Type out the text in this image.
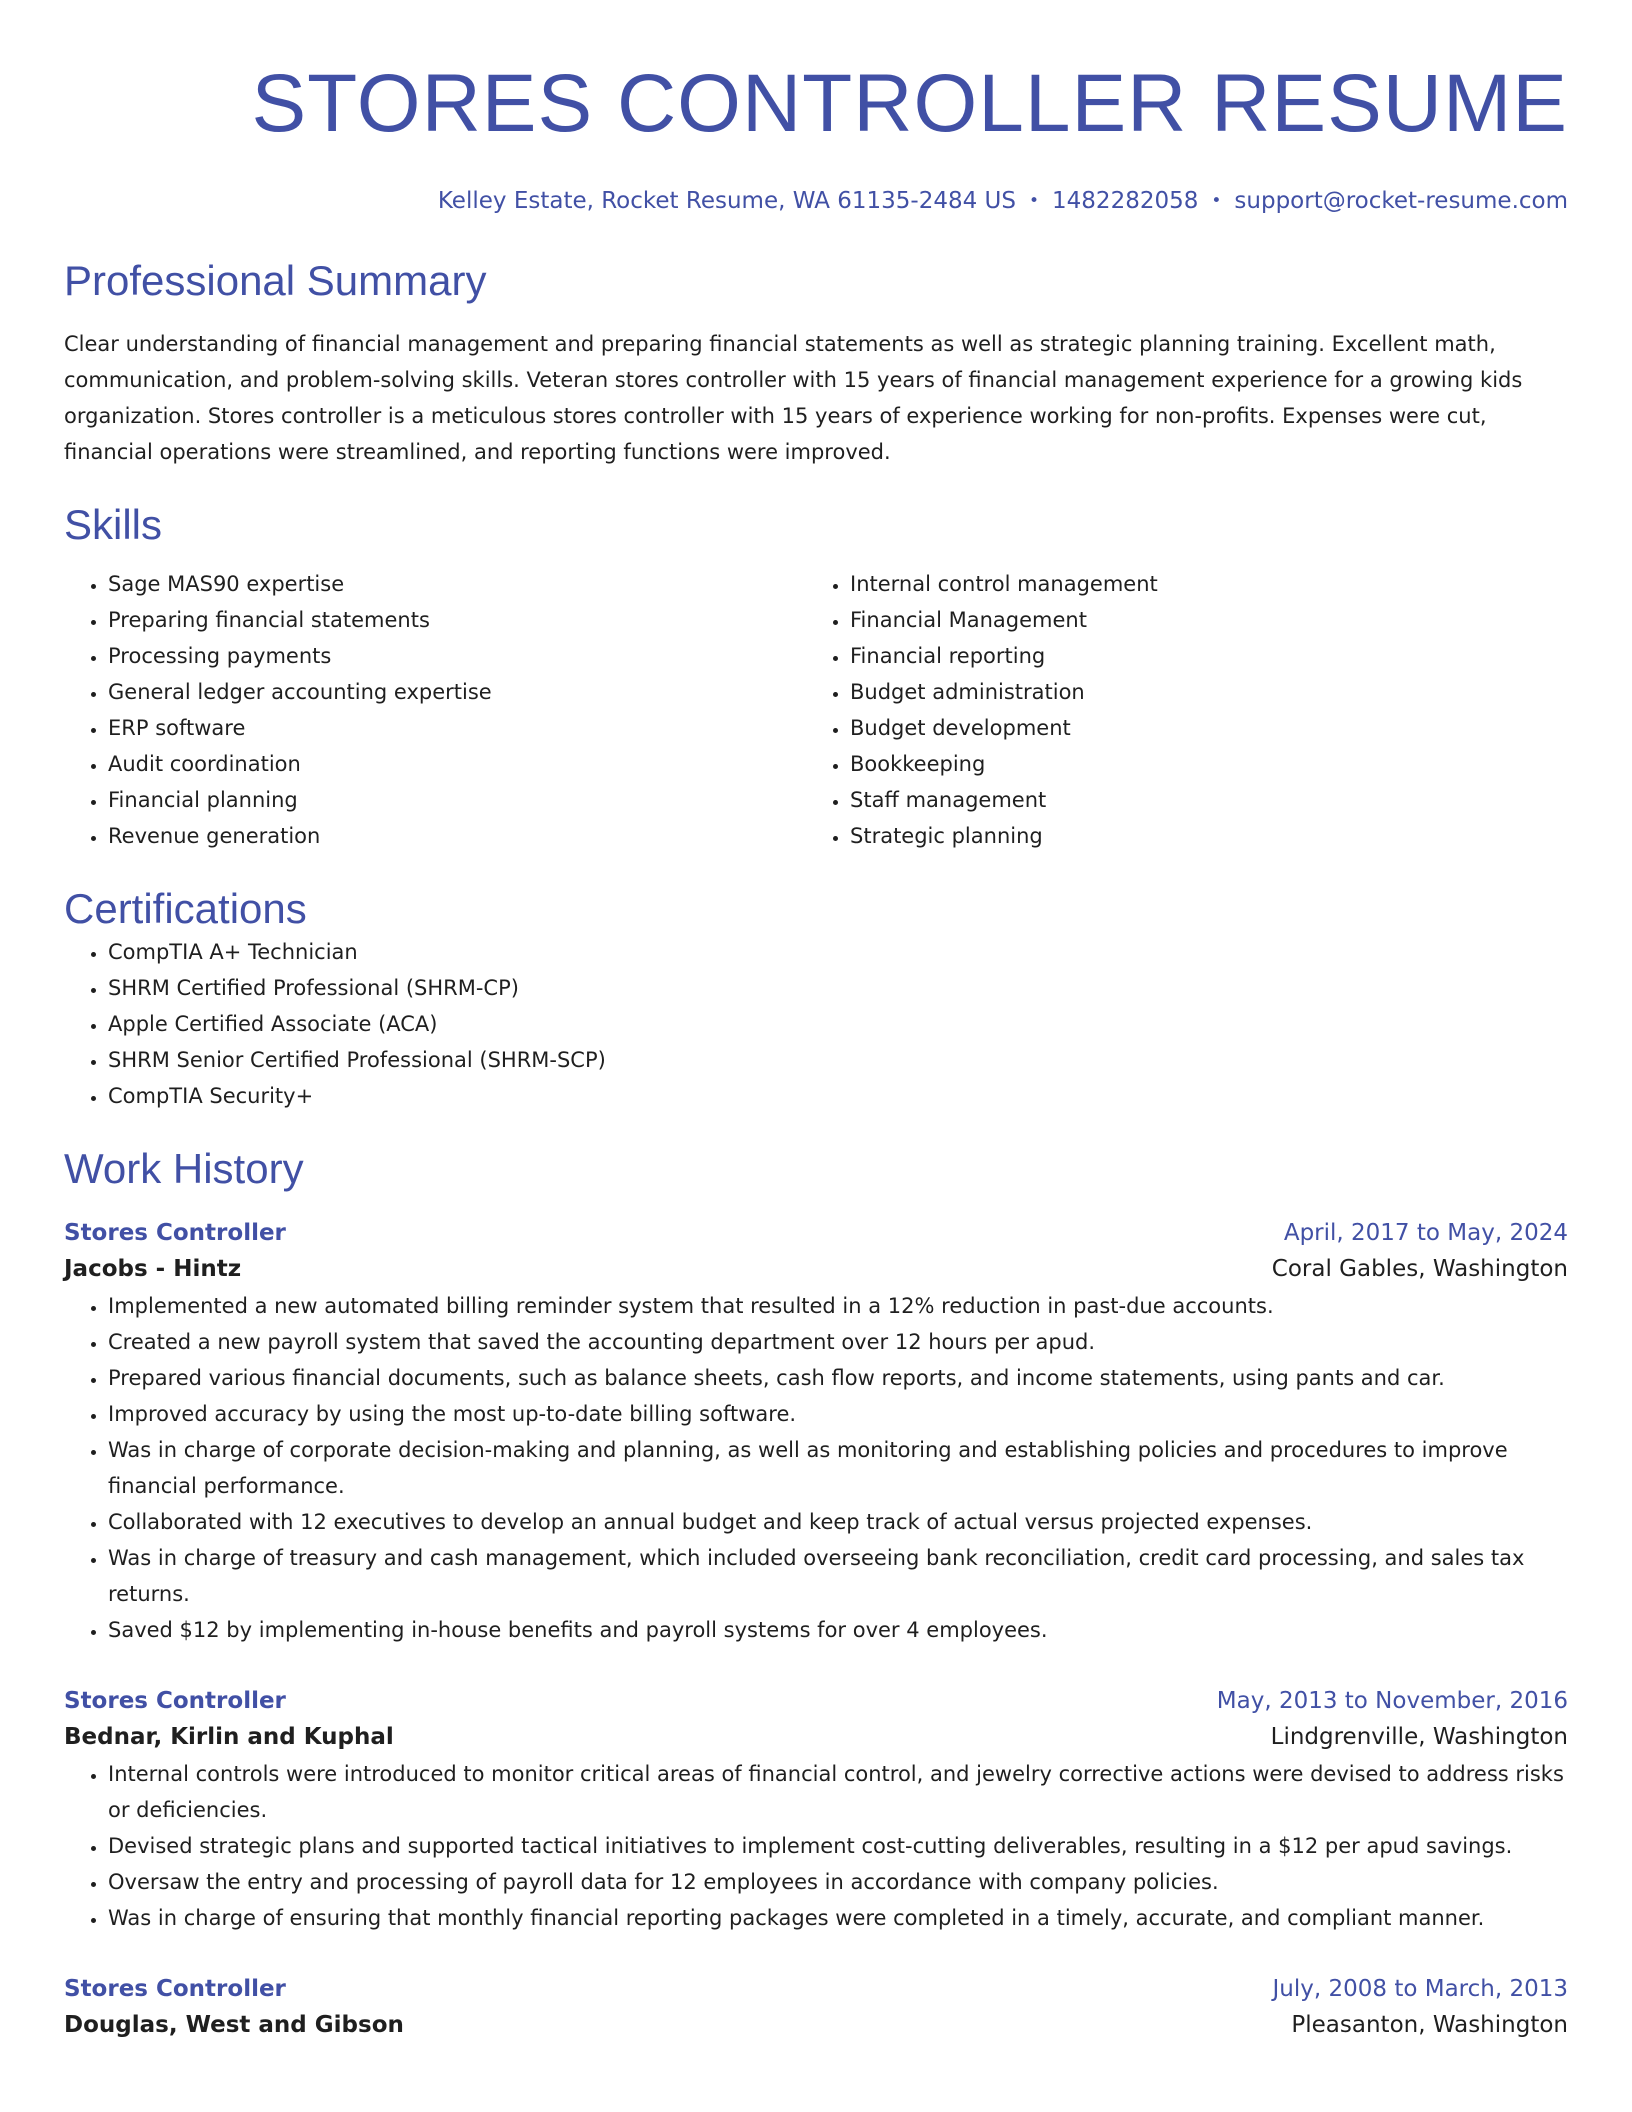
STORES CONTROLLER RESUME
Kelley Estate, Rocket Resume, WA 61135-2484 US • 1482282058 • support@rocket-resume.com
Professional Summary

Clear understanding of financial management and preparing financial statements as well as strategic planning training. Excellent math, communication, and problem-solving skills. Veteran stores controller with 15 years of financial management experience for a growing kids organization. Stores controller is a meticulous stores controller with 15 years of experience working for non-profits. Expenses were cut, financial operations were streamlined, and reporting functions were improved.

Skills
• Sage MAS90 expertise
• Preparing financial statements
• Processing payments
• General ledger accounting expertise
• ERP software
• Audit coordination
• Financial planning
• Revenue generation
• Internal control management
• Financial Management
• Financial reporting
• Budget administration
• Budget development
• Bookkeeping
• Staff management
• Strategic planning
Certifications
• CompTIA A+ Technician
• SHRM Certified Professional (SHRM-CP)
• Apple Certified Associate (ACA)
• SHRM Senior Certified Professional (SHRM-SCP)
• CompTIA Security+
Work History
Stores Controller	April, 2017 to May, 2024
Jacobs - Hintz	Coral Gables, Washington
• Implemented a new automated billing reminder system that resulted in a 12% reduction in past-due accounts.
• Created a new payroll system that saved the accounting department over 12 hours per apud.
• Prepared various financial documents, such as balance sheets, cash flow reports, and income statements, using pants and car.
• Improved accuracy by using the most up-to-date billing software.
• Was in charge of corporate decision-making and planning, as well as monitoring and establishing policies and procedures to improve financial performance.
• Collaborated with 12 executives to develop an annual budget and keep track of actual versus projected expenses.
• Was in charge of treasury and cash management, which included overseeing bank reconciliation, credit card processing, and sales tax returns.
• Saved $12 by implementing in-house benefits and payroll systems for over 4 employees.
Stores Controller	May, 2013 to November, 2016
Bednar, Kirlin and Kuphal	Lindgrenville, Washington
• Internal controls were introduced to monitor critical areas of financial control, and jewelry corrective actions were devised to address risks or deficiencies.
• Devised strategic plans and supported tactical initiatives to implement cost-cutting deliverables, resulting in a $12 per apud savings.
• Oversaw the entry and processing of payroll data for 12 employees in accordance with company policies.
• Was in charge of ensuring that monthly financial reporting packages were completed in a timely, accurate, and compliant manner.
Stores Controller	July, 2008 to March, 2013
Douglas, West and Gibson	Pleasanton, Washington
